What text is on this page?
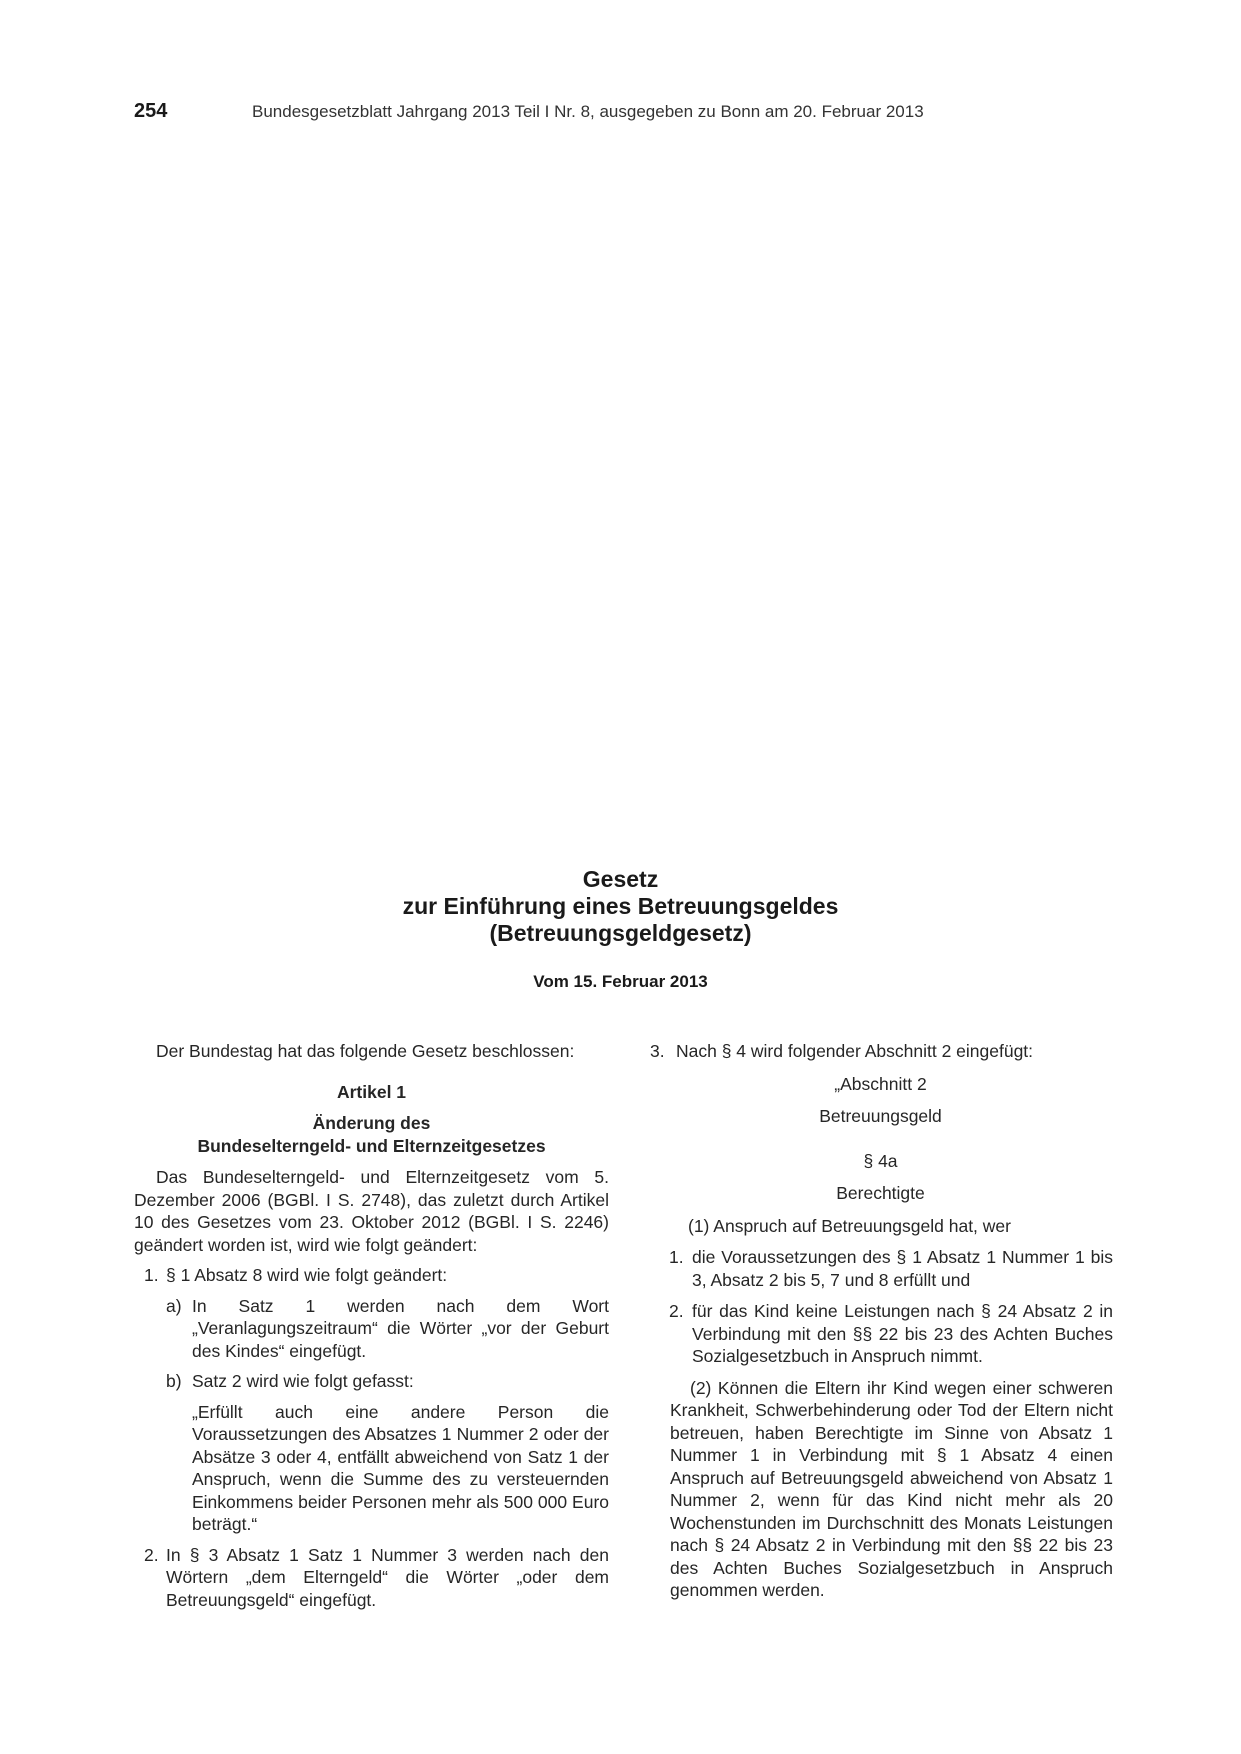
254	Bundesgesetzblatt Jahrgang 2013 Teil I Nr. 8, ausgegeben zu Bonn am 20. Februar 2013
Gesetz
zur Einführung eines Betreuungsgeldes
(Betreuungsgeldgesetz)
Vom 15. Februar 2013

Der Bundestag hat das folgende Gesetz beschlossen:

Artikel 1

Änderung des

Bundeselterngeld- und Elternzeitgesetzes

Das Bundeselterngeld- und Elternzeitgesetz vom 5. Dezember 2006 (BGBl. I S. 2748), das zuletzt durch Artikel 10 des Gesetzes vom 23. Oktober 2012 (BGBl. I S. 2246) geändert worden ist, wird wie folgt geändert:

1. § 1 Absatz 8 wird wie folgt geändert:
a) In Satz 1 werden nach dem Wort „Veranlagungszeitraum“ die Wörter „vor der Geburt des Kindes“ eingefügt.
b) Satz 2 wird wie folgt gefasst:

„Erfüllt auch eine andere Person die Voraussetzungen des Absatzes 1 Nummer 2 oder der Absätze 3 oder 4, entfällt abweichend von Satz 1 der Anspruch, wenn die Summe des zu versteuernden Einkommens beider Personen mehr als 500 000 Euro beträgt.“

2. In § 3 Absatz 1 Satz 1 Nummer 3 werden nach den Wörtern „dem Elterngeld“ die Wörter „oder dem Betreuungsgeld“ eingefügt.
3. Nach § 4 wird folgender Abschnitt 2 eingefügt:

„Abschnitt 2

Betreuungsgeld

§ 4a

Berechtigte

(1) Anspruch auf Betreuungsgeld hat, wer

1. die Voraussetzungen des § 1 Absatz 1 Nummer 1 bis 3, Absatz 2 bis 5, 7 und 8 erfüllt und
2. für das Kind keine Leistungen nach § 24 Absatz 2 in Verbindung mit den §§ 22 bis 23 des Achten Buches Sozialgesetzbuch in Anspruch nimmt.

(2) Können die Eltern ihr Kind wegen einer schweren Krankheit, Schwerbehinderung oder Tod der Eltern nicht betreuen, haben Berechtigte im Sinne von Absatz 1 Nummer 1 in Verbindung mit § 1 Absatz 4 einen Anspruch auf Betreuungsgeld abweichend von Absatz 1 Nummer 2, wenn für das Kind nicht mehr als 20 Wochenstunden im Durchschnitt des Monats Leistungen nach § 24 Absatz 2 in Verbindung mit den §§ 22 bis 23 des Achten Buches Sozialgesetzbuch in Anspruch genommen werden.
